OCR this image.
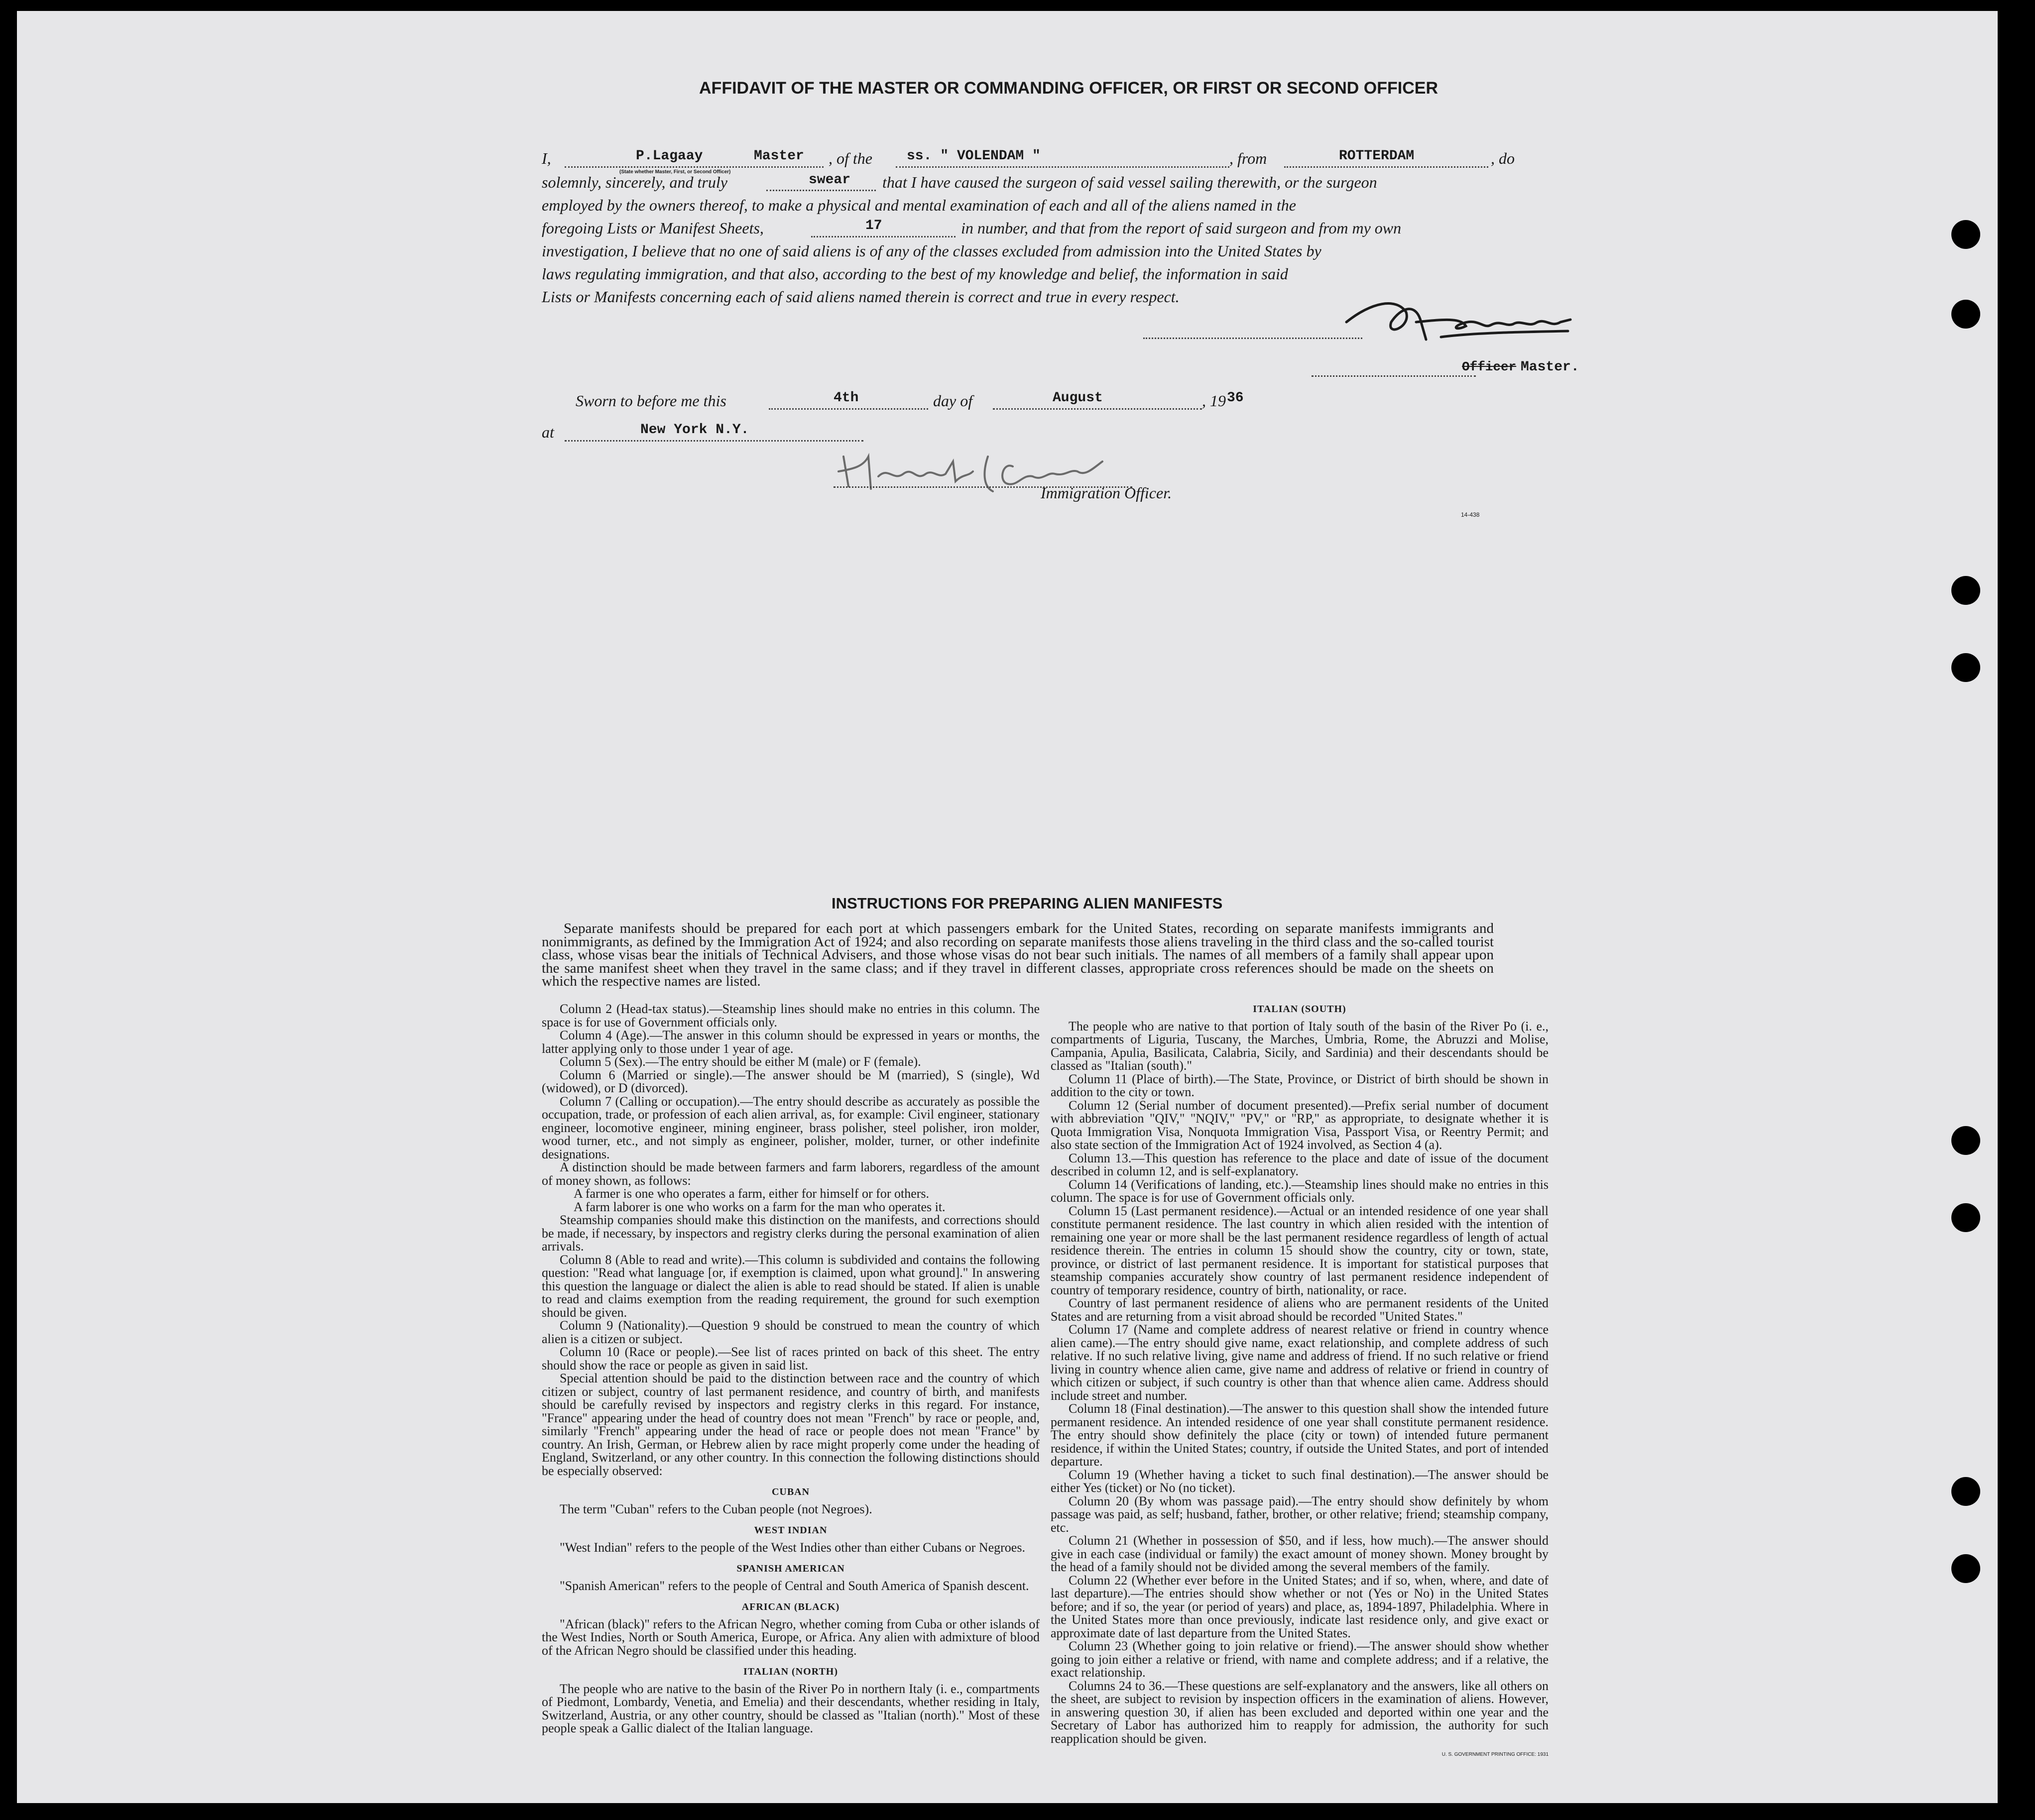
AFFIDAVIT OF THE MASTER OR COMMANDING OFFICER, OR FIRST OR SECOND OFFICER
I,	P.Lagaay	Master
(State whether Master, First, or Second Officer)
, of the ss. " VOLENDAM "	, from	ROTTERDAM	, do
solemnly, sincerely, and truly	swear that I have caused the surgeon of said vessel sailing therewith, or the surgeon
employed by the owners thereof, to make a physical and mental examination of each and all of the aliens named in the
foregoing Lists or Manifest Sheets,	17	in number, and that from the report of said surgeon and from my own
investigation, I believe that no one of said aliens is of any of the classes excluded from admission into the United States by
laws regulating immigration, and that also, according to the best of my knowledge and belief, the information in said
Lists or Manifests concerning each of said aliens named therein is correct and true in every respect.
Officer Master.
Sworn to before me this	4th	day of	August	, 19 36
at	New York N.Y.
Immigration Officer.
14-438
INSTRUCTIONS FOR PREPARING ALIEN MANIFESTS

Separate manifests should be prepared for each port at which passengers embark for the United States, recording on separate manifests immigrants and nonimmigrants, as defined by the Immigration Act of 1924; and also recording on separate manifests those aliens traveling in the third class and the so-called tourist class, whose visas bear the initials of Technical Advisers, and those whose visas do not bear such initials. The names of all members of a family shall appear upon the same manifest sheet when they travel in the same class; and if they travel in different classes, appropriate cross references should be made on the sheets on which the respective names are listed.

Column 2 (Head-tax status).—Steamship lines should make no entries in this column. The space is for use of Government officials only.

Column 4 (Age).—The answer in this column should be expressed in years or months, the latter applying only to those under 1 year of age.

Column 5 (Sex).—The entry should be either M (male) or F (female).

Column 6 (Married or single).—The answer should be M (married), S (single), Wd (widowed), or D (divorced).

Column 7 (Calling or occupation).—The entry should describe as accurately as possible the occupation, trade, or profession of each alien arrival, as, for example: Civil engineer, stationary engineer, locomotive engineer, mining engineer, brass polisher, steel polisher, iron molder, wood turner, etc., and not simply as engineer, polisher, molder, turner, or other indefinite designations.

A distinction should be made between farmers and farm laborers, regardless of the amount of money shown, as follows:

A farmer is one who operates a farm, either for himself or for others.

A farm laborer is one who works on a farm for the man who operates it.

Steamship companies should make this distinction on the manifests, and corrections should be made, if necessary, by inspectors and registry clerks during the personal examination of alien arrivals.

Column 8 (Able to read and write).—This column is subdivided and contains the following question: "Read what language [or, if exemption is claimed, upon what ground]." In answering this question the language or dialect the alien is able to read should be stated. If alien is unable to read and claims exemption from the reading requirement, the ground for such exemption should be given.

Column 9 (Nationality).—Question 9 should be construed to mean the country of which alien is a citizen or subject.

Column 10 (Race or people).—See list of races printed on back of this sheet. The entry should show the race or people as given in said list.

Special attention should be paid to the distinction between race and the country of which citizen or subject, country of last permanent residence, and country of birth, and manifests should be carefully revised by inspectors and registry clerks in this regard. For instance, "France" appearing under the head of country does not mean "French" by race or people, and, similarly "French" appearing under the head of race or people does not mean "France" by country. An Irish, German, or Hebrew alien by race might properly come under the heading of England, Switzerland, or any other country. In this connection the following distinctions should be especially observed:

CUBAN

The term "Cuban" refers to the Cuban people (not Negroes).

WEST INDIAN

"West Indian" refers to the people of the West Indies other than either Cubans or Negroes.

SPANISH AMERICAN

"Spanish American" refers to the people of Central and South America of Spanish descent.

AFRICAN (BLACK)

"African (black)" refers to the African Negro, whether coming from Cuba or other islands of the West Indies, North or South America, Europe, or Africa. Any alien with admixture of blood of the African Negro should be classified under this heading.

ITALIAN (NORTH)

The people who are native to the basin of the River Po in northern Italy (i. e., compartments of Piedmont, Lombardy, Venetia, and Emelia) and their descendants, whether residing in Italy, Switzerland, Austria, or any other country, should be classed as "Italian (north)." Most of these people speak a Gallic dialect of the Italian language.

ITALIAN (SOUTH)

The people who are native to that portion of Italy south of the basin of the River Po (i. e., compartments of Liguria, Tuscany, the Marches, Umbria, Rome, the Abruzzi and Molise, Campania, Apulia, Basilicata, Calabria, Sicily, and Sardinia) and their descendants should be classed as "Italian (south)."

Column 11 (Place of birth).—The State, Province, or District of birth should be shown in addition to the city or town.

Column 12 (Serial number of document presented).—Prefix serial number of document with abbreviation "QIV," "NQIV," "PV," or "RP," as appropriate, to designate whether it is Quota Immigration Visa, Nonquota Immigration Visa, Passport Visa, or Reentry Permit; and also state section of the Immigration Act of 1924 involved, as Section 4 (a).

Column 13.—This question has reference to the place and date of issue of the document described in column 12, and is self-explanatory.

Column 14 (Verifications of landing, etc.).—Steamship lines should make no entries in this column. The space is for use of Government officials only.

Column 15 (Last permanent residence).—Actual or an intended residence of one year shall constitute permanent residence. The last country in which alien resided with the intention of remaining one year or more shall be the last permanent residence regardless of length of actual residence therein. The entries in column 15 should show the country, city or town, state, province, or district of last permanent residence. It is important for statistical purposes that steamship companies accurately show country of last permanent residence independent of country of temporary residence, country of birth, nationality, or race.

Country of last permanent residence of aliens who are permanent residents of the United States and are returning from a visit abroad should be recorded "United States."

Column 17 (Name and complete address of nearest relative or friend in country whence alien came).—The entry should give name, exact relationship, and complete address of such relative. If no such relative living, give name and address of friend. If no such relative or friend living in country whence alien came, give name and address of relative or friend in country of which citizen or subject, if such country is other than that whence alien came. Address should include street and number.

Column 18 (Final destination).—The answer to this question shall show the intended future permanent residence. An intended residence of one year shall constitute permanent residence. The entry should show definitely the place (city or town) of intended future permanent residence, if within the United States; country, if outside the United States, and port of intended departure.

Column 19 (Whether having a ticket to such final destination).—The answer should be either Yes (ticket) or No (no ticket).

Column 20 (By whom was passage paid).—The entry should show definitely by whom passage was paid, as self; husband, father, brother, or other relative; friend; steamship company, etc.

Column 21 (Whether in possession of $50, and if less, how much).—The answer should give in each case (individual or family) the exact amount of money shown. Money brought by the head of a family should not be divided among the several members of the family.

Column 22 (Whether ever before in the United States; and if so, when, where, and date of last departure).—The entries should show whether or not (Yes or No) in the United States before; and if so, the year (or period of years) and place, as, 1894-1897, Philadelphia. Where in the United States more than once previously, indicate last residence only, and give exact or approximate date of last departure from the United States.

Column 23 (Whether going to join relative or friend).—The answer should show whether going to join either a relative or friend, with name and complete address; and if a relative, the exact relationship.

Columns 24 to 36.—These questions are self-explanatory and the answers, like all others on the sheet, are subject to revision by inspection officers in the examination of aliens. However, in answering question 30, if alien has been excluded and deported within one year and the Secretary of Labor has authorized him to reapply for admission, the authority for such reapplication should be given.

U. S. GOVERNMENT PRINTING OFFICE: 1931
